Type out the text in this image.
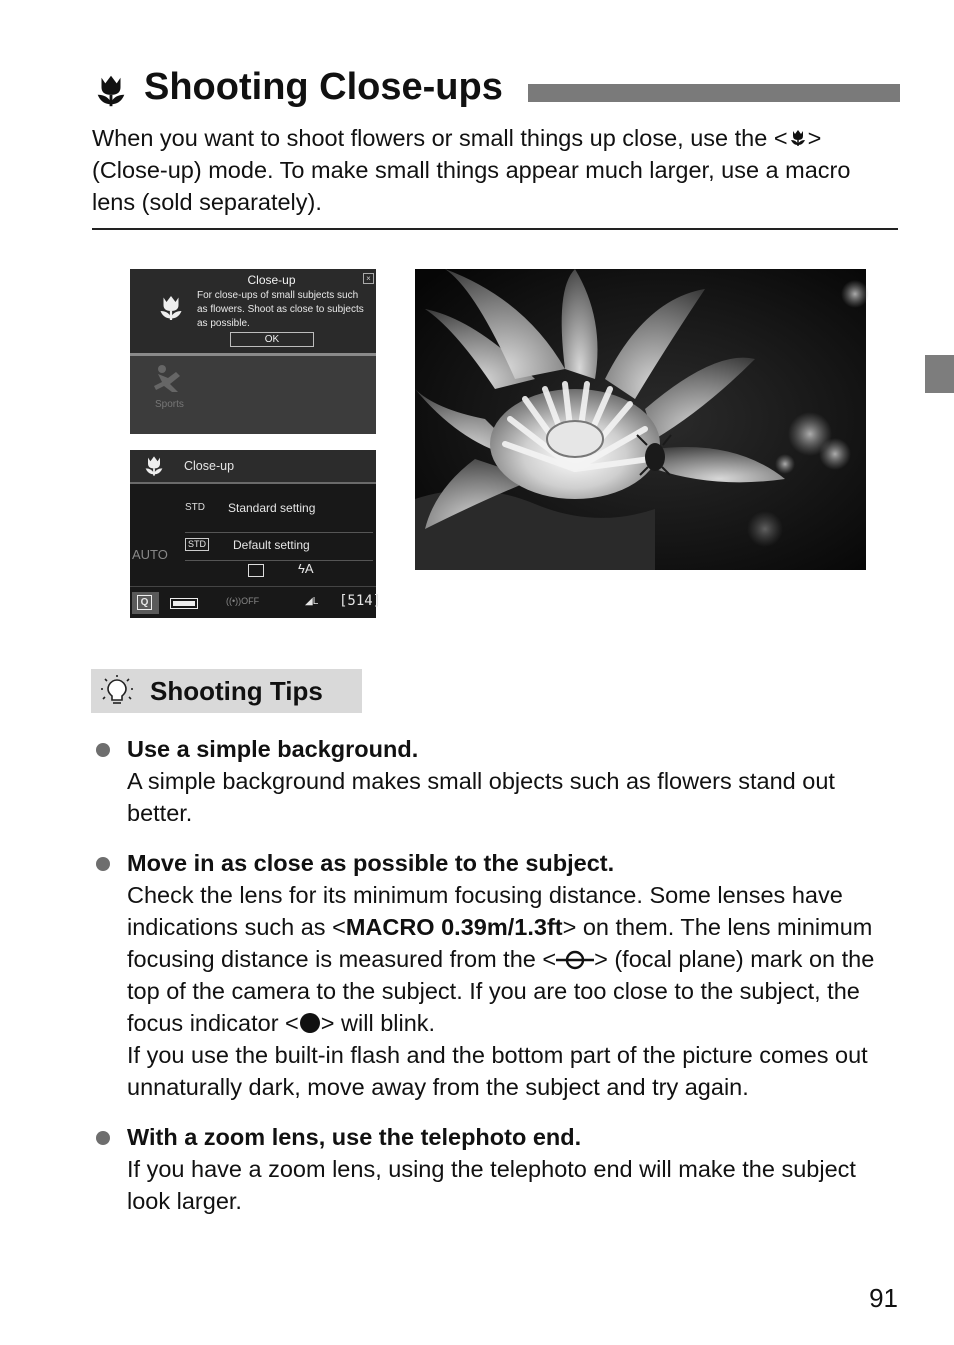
Shooting Close-ups
When you want to shoot flowers or small things up close, use the < > (Close-up) mode. To make small things appear much larger, use a macro lens (sold separately).
Close-up
For close-ups of small subjects such as flowers. Shoot as close to subjects as possible.
OK
×
Sports
Close-up
STD Standard setting
STD Default setting
AUTO
ϟA
Q	((•))OFF	◢L [514]
Shooting Tips

Use a simple background.

A simple background makes small objects such as flowers stand out better.

Move in as close as possible to the subject.

Check the lens for its minimum focusing distance. Some lenses have indications such as <MACRO 0.39m/1.3ft> on them. The lens minimum focusing distance is measured from the < > (focal plane) mark on the top of the camera to the subject. If you are too close to the subject, the focus indicator < > will blink.

If you use the built-in flash and the bottom part of the picture comes out unnaturally dark, move away from the subject and try again.

With a zoom lens, use the telephoto end.

If you have a zoom lens, using the telephoto end will make the subject look larger.

91
